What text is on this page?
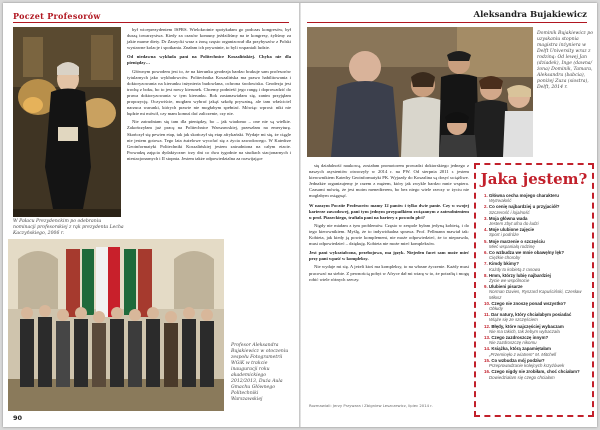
Poczet Profesorów
W Pałacu Prezydenckim po odebraniu nominacji profesorskiej z rąk prezydenta Lecha Kaczyńskiego, 2006 r.

był wiceprezydentem ISPRS. Wielokrotnie spotykałam go podczas kongresów, był duszą towarzystwa. Kiedy za czasów komuny jeździliśmy na te kongresy, żyliśmy za jakie marne diety. Dr Zarzycki wraz z żoną często organizował dla przybyszów z Polski wystawne kolacje i spotkania. Znałam ich prywatnie, to byli wspaniali ludzie.

Od niedawna wykłada pani na Politechnice Koszalińskiej. Chyba nie dla pieniędzy…

Głównym powodem jest to, że na kierunku geodezja bardzo brakuje sam profesorów tytularnych jako wykładowców. Politechnika Koszalińska ma prawo habilitowania i doktoryzowania na kierunku inżynieria budowlana, ochrona środowiska. Geodezja jest trochę z boku, bo to jest nowy kierunek. Chcemy podnieść jego rangę i doprowadzić do prawa doktoryzowania w tym kierunku. Rok zastanawiałam się, zanim przyjęłam propozycję. Oczywiście, mogłam wybrać jakąś szkołę prywatną, ale tam właściciel narzuca warunki, których prawie nie mogłabym spełniać. Mówiąc wprost: nikt nie będzie mi mówił, czy mam komuś dać zaliczenie, czy nie.

Nie zatrudniam się tam dla pieniędzy, bo – jak wiadomo – one nie są wielkie. Zakończyłam już pracę na Politechnice Warszawskiej, przeszłam na emeryturę. Skończył się pewien etap, tak jak skończył się etap afrykański. Wydaje mi się, że ciągle nie jestem gotowa. Tego lata żużelowe wycofać się z życia zawodowego. W Katedrze Geoinformatyki Politechniki Koszalińskiej jestem zatrudniona na całym etacie. Prowadzę zajęcia dydaktyczne: trzy dni co dwa tygodnie na studiach stacjonarnych i niestacjonarnych i II stopnia. Jestem także odpowiedzialna za rozwijające

Profesor Aleksandra Bujakiewicz w otoczeniu zespołu Fotogrametrii WGiK w trakcie inauguracji roku akademickiego 2012/2013, Duża Aula Gmachu Głównego Politechniki Warszawskiej
90
Aleksandra Bujakiewicz
Dominik Bujakiewicz po uzyskaniu stopnia magistra inżyniera w Delft University wraz z rodziną: Od lewej Jan (dziadek), Inge (dawna/żona) Dominik, Tamara, Aleksandra (babcia), poniżej Zuza (siostra), Delft, 2014 r.

się działalność naukową, zostałam promotorem prowadzi doktorskiego jednego z naszych asystentów otworzyły w 2014 r. na PW. Od sierpnia 2011 r. jestem kierownikiem Katedry Geoinformatyki PK. Wyjazdy do Koszalina są dosyć uciążliwe. Jednakże organizujemy je razem z mężem, który jak zwykle bardzo mnie wspiera. Czasami mówię, że jest moim menedżerem, bo bez niego wiele rzeczy w życiu nie mogłabym osiągnąć.

W naszym Pocztie Profesorów mamy 12 panów i tylko dwie panie. Czy w swojej karierze zawodowej, pani tym jednym przypadkiem związanym z zatrudnieniem u prof. Piaseckiego, trafiała pani na bariery z powodu płci?

Nigdy nie miałam z tym problemów. Często w zespole byłam jedyną kobietą, i do tego kierownikiem. Myślę, że to indywidualna sprawa. Prof. Fellmann mawiał tak: Kobieta, jak kiedy ją powie komplement, nie może odpowiedzieć, że to nieprawda, musi odpowiedzieć – dziękuję. Kobieta nie może mieć kompleksów.

Jest pani wykształcona, przebojowa, ma język. Niejeden facet sam może mieć przy pani wpaść w kompleksy.

Nie wydaje mi się. A jeżeli ktoś ma kompleksy, to na własne życzenie. Każdy musi pracować na siebie. Z pewnością pobyt w Afryce dał mi wiarę w to, że potrafię i mogę robić wiele różnych rzeczy.

Rozmawiali: Jerzy Przywara i Zbigniew Leszczewicz, lipiec 2014 r.
Jaka jestem?
1. Główna cecha mojego charakteru
Wytrwałość
2. Co cenię najbardziej u przyjaciół?
Szczerość i lojalność
3. Moja główna wada
Jestem zbyt ufna do ludzi
4. Moje ulubione zajęcie
Sport i podróże
5. Moje marzenie o szczęściu
Mieć wspaniałą rodzinę
6. Co wzbudza we mnie obawę/ny lęk?
Ciężkie choroby
7. Kimdy bkimy?
Każdy to kobietą z rasowa
8. Hmm, którzy lubię najbardziej
Życie we wspólnocie
9. Ulubieni pisarze
Norman Davies, Ryszard Kapuściński, Czesław Miłosz
10. Czego nie znoszę ponad wszystko?
Obłudy
11. Dar natury, który chciałabym posiadać
Wiąże się ze szczęściem
12. Błędy, które najczęściej wybaczam
Nie ma takich, tak żebym wybaczała
13. Czego zazdroszczę innym?
Nie zazdroszczę nikomu
14. Książka, którą zapamiętałam
„Przeminęło z wiatrem” M. Mitchell
15. Co wzbudza mój podziw?
Przeprowadzanie kolejnych krzyżówek
16. Czego nigdy nie zrobiłam, choć chciałam?
Dowiedziałam się czego chciałam
